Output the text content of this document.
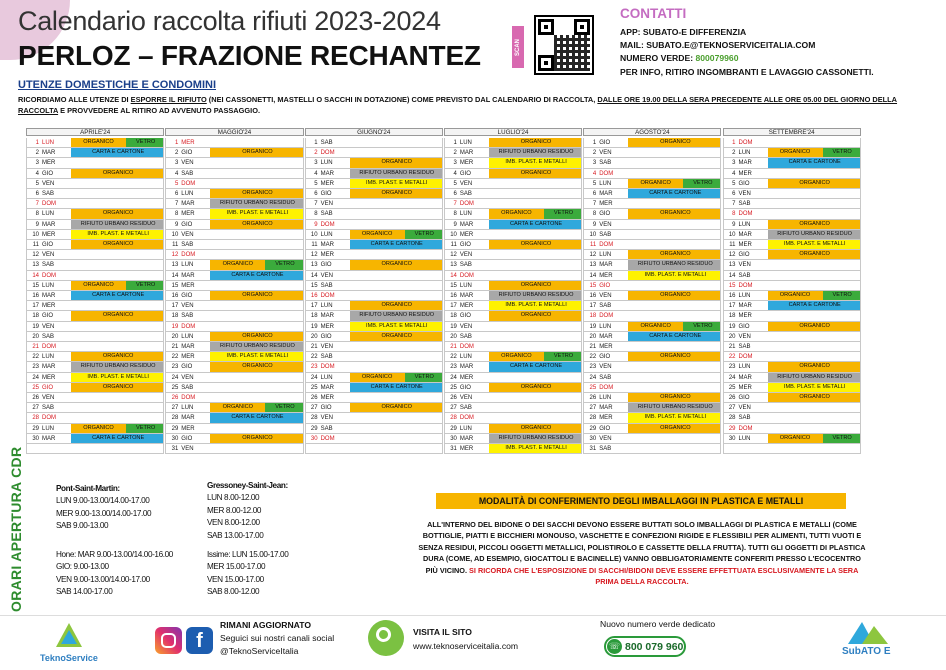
Calendario raccolta rifiuti 2023-2024
PERLOZ – FRAZIONE RECHANTEZ
UTENZE DOMESTICHE E CONDOMINI
RICORDIAMO ALLE UTENZE DI ESPORRE IL RIFIUTO (NEI CASSONETTI, MASTELLI O SACCHI IN DOTAZIONE) COME PREVISTO DAL CALENDARIO DI RACCOLTA, DALLE ORE 19.00 DELLA SERA PRECEDENTE ALLE ORE 05.00 DEL GIORNO DELLA RACCOLTA E PROVVEDERE AL RITIRO AD AVVENUTO PASSAGGIO.
SCAN
CONTATTI
APP: SUBATO-E DIFFERENZIA
MAIL: SUBATO.E@TEKNOSERVICEITALIA.COM
NUMERO VERDE: 800079960
PER INFO, RITIRO INGOMBRANTI E LAVAGGIO CASSONETTI.
APRILE'24
1 LUN	ORGANICO	VETRO
2 MAR	CARTA E CARTONE
3 MER
4 GIO	ORGANICO
5 VEN
6 SAB
7 DOM
8 LUN	ORGANICO
9 MAR	RIFIUTO URBANO RESIDUO
10 MER	IMB. PLAST. E METALLI
11 GIO	ORGANICO
12 VEN
13 SAB
14 DOM
15 LUN	ORGANICO	VETRO
16 MAR	CARTA E CARTONE
17 MER
18 GIO	ORGANICO
19 VEN
20 SAB
21 DOM
22 LUN	ORGANICO
23 MAR	RIFIUTO URBANO RESIDUO
24 MER	IMB. PLAST. E METALLI
25 GIO	ORGANICO
26 VEN
27 SAB
28 DOM
29 LUN	ORGANICO	VETRO
30 MAR	CARTA E CARTONE
MAGGIO'24
1 MER
2 GIO	ORGANICO
3 VEN
4 SAB
5 DOM
6 LUN	ORGANICO
7 MAR	RIFIUTO URBANO RESIDUO
8 MER	IMB. PLAST. E METALLI
9 GIO	ORGANICO
10 VEN
11 SAB
12 DOM
13 LUN	ORGANICO	VETRO
14 MAR	CARTA E CARTONE
15 MER
16 GIO	ORGANICO
17 VEN
18 SAB
19 DOM
20 LUN	ORGANICO
21 MAR	RIFIUTO URBANO RESIDUO
22 MER	IMB. PLAST. E METALLI
23 GIO	ORGANICO
24 VEN
25 SAB
26 DOM
27 LUN	ORGANICO	VETRO
28 MAR	CARTA E CARTONE
29 MER
30 GIO	ORGANICO
31 VEN
GIUGNO'24
1 SAB
2 DOM
3 LUN	ORGANICO
4 MAR	RIFIUTO URBANO RESIDUO
5 MER	IMB. PLAST. E METALLI
6 GIO	ORGANICO
7 VEN
8 SAB
9 DOM
10 LUN	ORGANICO	VETRO
11 MAR	CARTA E CARTONE
12 MER
13 GIO	ORGANICO
14 VEN
15 SAB
16 DOM
17 LUN	ORGANICO
18 MAR	RIFIUTO URBANO RESIDUO
19 MER	IMB. PLAST. E METALLI
20 GIO	ORGANICO
21 VEN
22 SAB
23 DOM
24 LUN	ORGANICO	VETRO
25 MAR	CARTA E CARTONE
26 MER
27 GIO	ORGANICO
28 VEN
29 SAB
30 DOM
LUGLIO'24
1 LUN	ORGANICO
2 MAR	RIFIUTO URBANO RESIDUO
3 MER	IMB. PLAST. E METALLI
4 GIO	ORGANICO
5 VEN
6 SAB
7 DOM
8 LUN	ORGANICO	VETRO
9 MAR	CARTA E CARTONE
10 MER
11 GIO	ORGANICO
12 VEN
13 SAB
14 DOM
15 LUN	ORGANICO
16 MAR	RIFIUTO URBANO RESIDUO
17 MER	IMB. PLAST. E METALLI
18 GIO	ORGANICO
19 VEN
20 SAB
21 DOM
22 LUN	ORGANICO	VETRO
23 MAR	CARTA E CARTONE
24 MER
25 GIO	ORGANICO
26 VEN
27 SAB
28 DOM
29 LUN	ORGANICO
30 MAR	RIFIUTO URBANO RESIDUO
31 MER	IMB. PLAST. E METALLI
AGOSTO'24
1 GIO	ORGANICO
2 VEN
3 SAB
4 DOM
5 LUN	ORGANICO	VETRO
6 MAR	CARTA E CARTONE
7 MER
8 GIO	ORGANICO
9 VEN
10 SAB
11 DOM
12 LUN	ORGANICO
13 MAR	RIFIUTO URBANO RESIDUO
14 MER	IMB. PLAST. E METALLI
15 GIO
16 VEN	ORGANICO
17 SAB
18 DOM
19 LUN	ORGANICO	VETRO
20 MAR	CARTA E CARTONE
21 MER
22 GIO	ORGANICO
23 VEN
24 SAB
25 DOM
26 LUN	ORGANICO
27 MAR	RIFIUTO URBANO RESIDUO
28 MER	IMB. PLAST. E METALLI
29 GIO	ORGANICO
30 VEN
31 SAB
SETTEMBRE'24
1 DOM
2 LUN	ORGANICO	VETRO
3 MAR	CARTA E CARTONE
4 MER
5 GIO	ORGANICO
6 VEN
7 SAB
8 DOM
9 LUN	ORGANICO
10 MAR	RIFIUTO URBANO RESIDUO
11 MER	IMB. PLAST. E METALLI
12 GIO	ORGANICO
13 VEN
14 SAB
15 DOM
16 LUN	ORGANICO	VETRO
17 MAR	CARTA E CARTONE
18 MER
19 GIO	ORGANICO
20 VEN
21 SAB
22 DOM
23 LUN	ORGANICO
24 MAR	RIFIUTO URBANO RESIDUO
25 MER	IMB. PLAST. E METALLI
26 GIO	ORGANICO
27 VEN
28 SAB
29 DOM
30 LUN	ORGANICO	VETRO
ORARI APERTURA CDR	Pont-Saint-Martin:
LUN 9.00-13.00/14.00-17.00
MER 9.00-13.00/14.00-17.00
SAB 9.00-13.00
Hone: MAR 9.00-13.00/14.00-16.00
GIO: 9.00-13.00
VEN 9.00-13.00/14.00-17.00
SAB 14.00-17.00
Gressoney-Saint-Jean:
LUN 8.00-12.00
MER 8.00-12.00
VEN 8.00-12.00
SAB 13.00-17.00
Issime: LUN 15.00-17.00
MER 15.00-17.00
VEN 15.00-17.00
SAB 8.00-12.00
MODALITÀ DI CONFERIMENTO DEGLI IMBALLAGGI IN PLASTICA E METALLI
ALL'INTERNO DEL BIDONE O DEI SACCHI DEVONO ESSERE BUTTATI SOLO IMBALLAGGI DI PLASTICA E METALLI (COME BOTTIGLIE, PIATTI E BICCHIERI MONOUSO, VASCHETTE E CONFEZIONI RIGIDE E FLESSIBILI PER ALIMENTI, TUTTI VUOTI E SENZA RESIDUI, PICCOLI OGGETTI METALLICI, POLISTIROLO E CASSETTE DELLA FRUTTA). TUTTI GLI OGGETTI DI PLASTICA DURA (COME, AD ESEMPIO, GIOCATTOLI E BACINELLE) VANNO OBBLIGATORIAMENTE CONFERITI PRESSO L'ECOCENTRO PIÙ VICINO. SI RICORDA CHE L'ESPOSIZIONE DI SACCHI/BIDONI DEVE ESSERE EFFETTUATA ESCLUSIVAMENTE LA SERA PRIMA DELLA RACCOLTA.
TeknoService
f
RIMANI AGGIORNATO
Seguici sui nostri canali social
@TeknoServiceItalia
VISITA IL SITO
www.teknoserviceitalia.com
Nuovo numero verde dedicato
☏ 800 079 960	SubATO E
